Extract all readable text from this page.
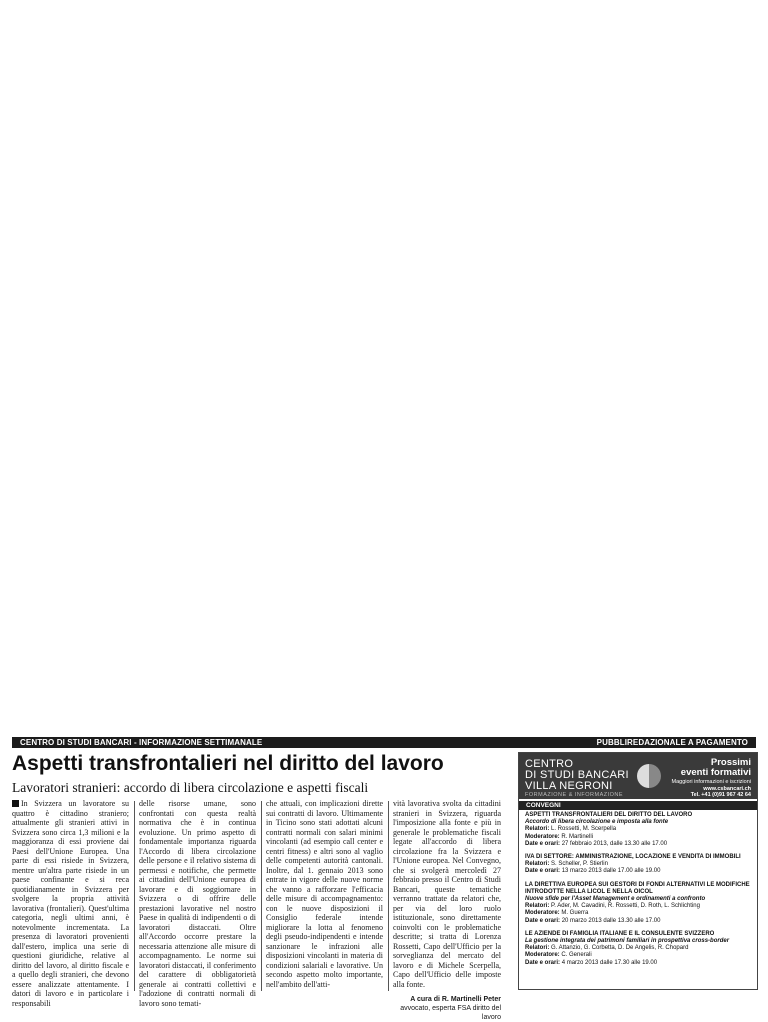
CENTRO DI STUDI BANCARI - INFORMAZIONE SETTIMANALE	PUBBLIREDAZIONALE A PAGAMENTO
Aspetti transfrontalieri nel diritto del lavoro
Lavoratori stranieri: accordo di libera circolazione e aspetti fiscali

In Svizzera un lavoratore su quattro è cittadino straniero; attualmente gli stranieri attivi in Svizzera sono circa 1,3 milioni e la maggioranza di essi proviene dai Paesi dell'Unione Europea. Una parte di essi risiede in Svizzera, mentre un'altra parte risiede in un paese confinante e si reca quotidianamente in Svizzera per svolgere la propria attività lavorativa (frontalieri). Quest'ultima categoria, negli ultimi anni, è notevolmente incrementata. La presenza di lavoratori provenienti dall'estero, implica una serie di questioni giuridiche, relative al diritto del lavoro, al diritto fiscale e a quello degli stranieri, che devono essere analizzate attentamente. I datori di lavoro e in particolare i responsabili

delle risorse umane, sono confrontati con questa realtà normativa che è in continua evoluzione. Un primo aspetto di fondamentale importanza riguarda l'Accordo di libera circolazione delle persone e il relativo sistema di permessi e notifiche, che permette ai cittadini dell'Unione europea di lavorare e di soggiornare in Svizzera o di offrire delle prestazioni lavorative nel nostro Paese in qualità di indipendenti o di lavoratori distaccati. Oltre all'Accordo occorre prestare la necessaria attenzione alle misure di accompagnamento. Le norme sui lavoratori distaccati, il conferimento del carattere di obbligatorietà generale ai contratti collettivi e l'adozione di contratti normali di lavoro sono temati-

che attuali, con implicazioni dirette sui contratti di lavoro. Ultimamente in Ticino sono stati adottati alcuni contratti normali con salari minimi vincolanti (ad esempio call center e centri fitness) e altri sono al vaglio delle competenti autorità cantonali. Inoltre, dal 1. gennaio 2013 sono entrate in vigore delle nuove norme che vanno a rafforzare l'efficacia delle misure di accompagnamento: con le nuove disposizioni il Consiglio federale intende migliorare la lotta al fenomeno degli pseudo-indipendenti e intende sanzionare le infrazioni alle disposizioni vincolanti in materia di condizioni salariali e lavorative. Un secondo aspetto molto importante, nell'ambito dell'atti-

vità lavorativa svolta da cittadini stranieri in Svizzera, riguarda l'imposizione alla fonte e più in generale le problematiche fiscali legate all'accordo di libera circolazione fra la Svizzera e l'Unione europea. Nel Convegno, che si svolgerà mercoledì 27 febbraio presso il Centro di Studi Bancari, queste tematiche verranno trattate da relatori che, per via del loro ruolo istituzionale, sono direttamente coinvolti con le problematiche descritte; si tratta di Lorenza Rossetti, Capo dell'Ufficio per la sorveglianza del mercato del lavoro e di Michele Scerpella, Capo dell'Ufficio delle imposte alla fonte.

A cura di R. Martinelli Peter
avvocato, esperta FSA diritto del lavoro
CENTRO
DI STUDI BANCARI
VILLA NEGRONI
FORMAZIONE & INFORMAZIONE
Prossimi
eventi formativi
Maggiori informazioni e iscrizioni
www.csbancari.ch
Tel. +41 (0)91 967 42 64
CONVEGNI
ASPETTI TRANSFRONTALIERI DEL DIRITTO DEL LAVORO
Accordo di libera circolazione e imposta alla fonte
Relatori: L. Rossetti, M. Scerpella
Moderatore: R. Martinelli
Date e orari: 27 febbraio 2013, dalle 13.30 alle 17.00
IVA DI SETTORE: AMMINISTRAZIONE, LOCAZIONE E VENDITA DI IMMOBILI
Relatori: S. Scheller, P. Stierlin
Date e orari: 13 marzo 2013 dalle 17.00 alle 19.00
LA DIRETTIVA EUROPEA SUI GESTORI DI FONDI ALTERNATIVI LE MODIFICHE INTRODOTTE NELLA LICOL E NELLA OICOL
Nuove sfide per l'Asset Management e ordinamenti a confronto
Relatori: P. Ader, M. Cavadini, R. Rossetti, D. Roth, L. Schlichting
Moderatore: M. Guerra
Date e orari: 20 marzo 2013 dalle 13.30 alle 17.00
LE AZIENDE DI FAMIGLIA ITALIANE E IL CONSULENTE SVIZZERO
La gestione integrata dei patrimoni familiari in prospettiva cross-border
Relatori: G. Attanzio, G. Corbetta, D. De Angelis, R. Chopard
Moderatore: C. Generali
Date e orari: 4 marzo 2013 dalle 17.30 alle 19.00
